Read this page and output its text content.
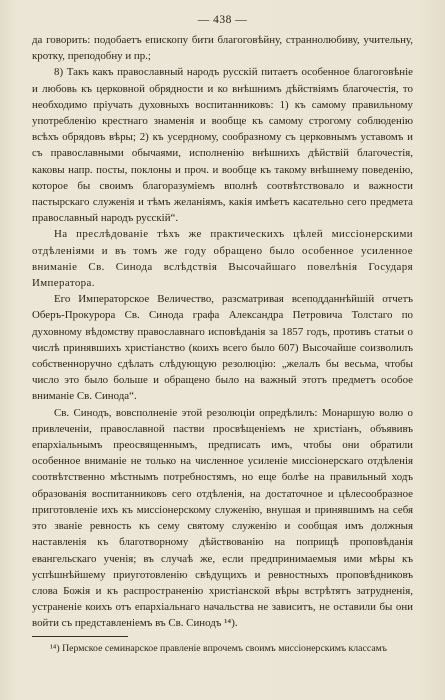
— 438 —

да говорить: подобаетъ епископу бити благоговѣйну, страннолюбиву, учительну, кротку, преподобну и пр.;

8) Такъ какъ православный народъ русскій питаетъ особенное благоговѣніе и любовь къ церковной обрядности и ко внѣшнимъ дѣйствіямъ благочестія, то необходимо пріучать духовныхъ воспитанниковъ: 1) къ самому правильному употребленію крестнаго знаменія и вообще къ самому строгому соблюденію всѣхъ обрядовъ вѣры; 2) къ усердному, сообразному съ церковнымъ уставомъ и съ православными обычаями, исполненію внѣшнихъ дѣйствій благочестія, каковы напр. посты, поклоны и проч. и вообще къ такому внѣшнему поведенію, которое бы своимъ благоразуміемъ вполнѣ соотвѣтствовало и важности пастырскаго служенія и тѣмъ желаніямъ, какія имѣетъ касательно сего предмета православный народъ русскій“.

На преслѣдованіе тѣхъ же практическихъ цѣлей миссіонерскими отдѣленіями и въ томъ же году обращено было особенное усиленное вниманіе Св. Синода вслѣдствія Высочайшаго повелѣнія Государя Императора.

Его Императорское Величество, разсматривая всеподданнѣйшій отчетъ Оберъ-Прокурора Св. Синода графа Александра Петровича Толстаго по духовному вѣдомству православнаго исповѣданія за 1857 годъ, противъ статьи о числѣ принявшихъ христіанство (коихъ всего было 607) Высочайше соизволилъ собственноручно сдѣлать слѣдующую резолюцію: „желалъ бы весьма, чтобы число это было больше и обращено было на важный этотъ предметъ особое вниманіе Св. Синода“.

Св. Синодъ, вовсполненіе этой резолюціи опредѣлилъ: Монаршую волю о привлеченіи, православной пастви просвѣщеніемъ не христіанъ, объявивъ епархіальнымъ преосвященнымъ, предписать имъ, чтобы они обратили особенное вниманіе не только на численное усиленіе миссіонерскаго отдѣленія соотвѣтственно мѣстнымъ потребностямъ, но еще болѣе на правильный ходъ образованія воспитанниковъ сего отдѣленія, на достаточное и цѣлесообразное приготовленіе ихъ къ миссіонерскому служенію, внушая и принявшимъ на себя это званіе ревность къ сему святому служенію и сообщая имъ должныя наставленія къ благотворному дѣйствованію на поприщѣ проповѣданія евангельскаго ученія; въ случаѣ же, если предпринимаемыя ими мѣры къ успѣшнѣйшему приуготовленію свѣдущихъ и ревностныхъ проповѣдниковъ слова Божія и къ распространенію христіанской вѣры встрѣтятъ затрудненія, устраненіе коихъ отъ епархіальнаго начальства не зависитъ, не оставили бы они войти съ представленіемъ въ Св. Синодъ ¹⁴).

¹⁴) Пермское семинарское правленіе впрочемъ своимъ миссіонерскимъ классамъ
